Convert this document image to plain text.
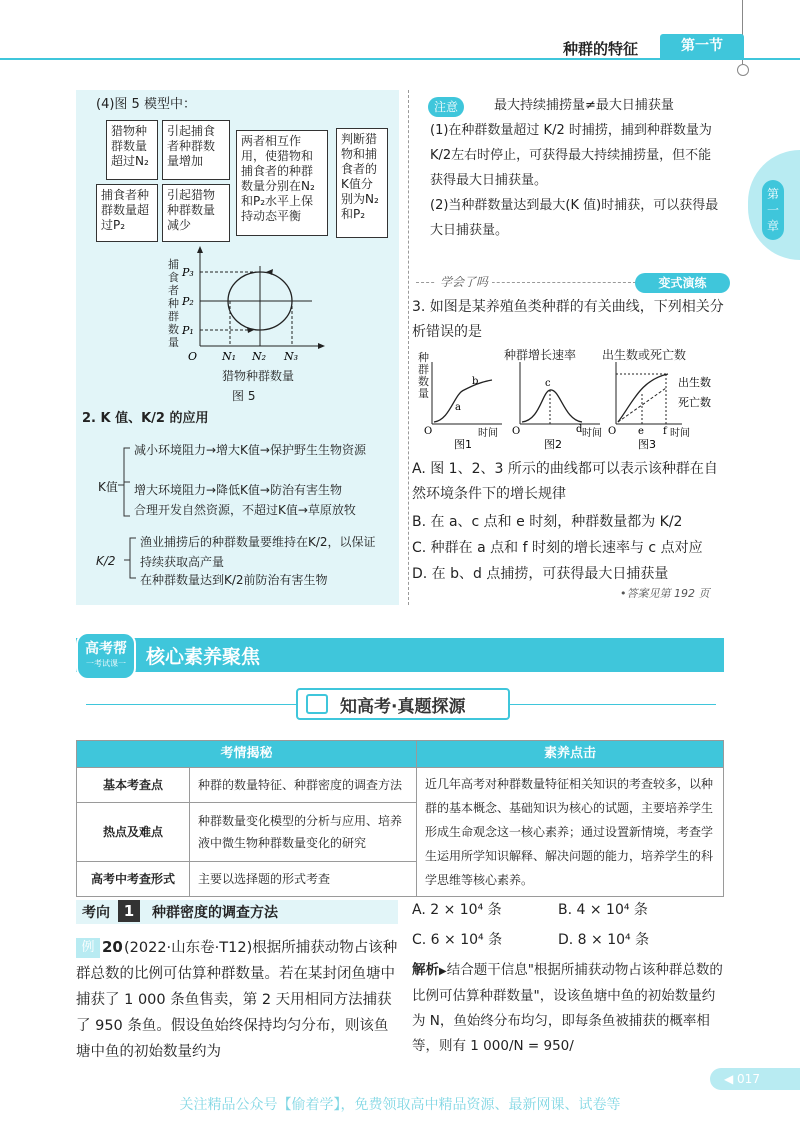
种群的特征	第一节
第一章
(4)图 5 模型中：
猎物种群数量超过N₂
引起捕食者种群数量增加
捕食者种群数量超过P₂
引起猎物种群数量减少
两者相互作用，使猎物和捕食者的种群数量分别在N₂和P₂水平上保持动态平衡
判断猎物和捕食者的K值分别为N₂和P₂
P₃
P₂
P₁
O N₁ N₂ N₃
捕食者种群数量
猎物种群数量
图 5
2. K 值、K/2 的应用
K值
减小环境阻力→增大K值→保护野生生物资源
增大环境阻力→降低K值→防治有害生物
合理开发自然资源，不超过K值→草原放牧
K/2
渔业捕捞后的种群数量要维持在K/2，以保证持续获取高产量
在种群数量达到K/2前防治有害生物
注意	最大持续捕捞量≠最大日捕获量
(1)在种群数量超过 K/2 时捕捞，捕到种群数量为K/2左右时停止，可获得最大持续捕捞量，但不能获得最大日捕获量。
(2)当种群数量达到最大(K 值)时捕获，可以获得最大日捕获量。
学会了吗	变式演练
3. 如图是某养殖鱼类种群的有关曲线，下列相关分析错误的是
a
b
O	时间
c
d
O	时间	e f
O	时间
出生数
死亡数
图1	图2	图3
种群数量
种群增长速率 出生数或死亡数
A. 图 1、2、3 所示的曲线都可以表示该种群在自然环境条件下的增长规律
B. 在 a、c 点和 e 时刻，种群数量都为 K/2
C. 种群在 a 点和 f 时刻的增长速率与 c 点对应
D. 在 b、d 点捕捞，可获得最大日捕获量
•答案见第 192 页
高考帮
一考试课一	核心素养聚焦
知高考·真题探源
考情揭秘		素养点击
基本考查点	种群的数量特征、种群密度的调查方法	近几年高考对种群数量特征相关知识的考查较多，以种群的基本概念、基础知识为核心的试题，主要培养学生形成生命观念这一核心素养；通过设置新情境，考查学生运用所学知识解释、解决问题的能力，培养学生的科学思维等核心素养。
热点及难点	种群数量变化模型的分析与应用、培养液中微生物种群数量变化的研究	
高考中考查形式	主要以选择题的形式考查	
考向 1	种群密度的调查方法
例 20 (2022·山东卷·T12)根据所捕获动物占该种群总数的比例可估算种群数量。若在某封闭鱼塘中捕获了 1 000 条鱼售卖，第 2 天用相同方法捕获了 950 条鱼。假设鱼始终保持均匀分布，则该鱼塘中鱼的初始数量约为
A. 2 × 10⁴ 条	B. 4 × 10⁴ 条
C. 6 × 10⁴ 条	D. 8 × 10⁴ 条
解析▶结合题干信息"根据所捕获动物占该种群总数的比例可估算种群数量"，设该鱼塘中鱼的初始数量约为 N，鱼始终分布均匀，即每条鱼被捕获的概率相等，则有 1 000/N = 950/
◀ 017
关注精品公众号【偷着学】，免费领取高中精品资源、最新网课、试卷等
